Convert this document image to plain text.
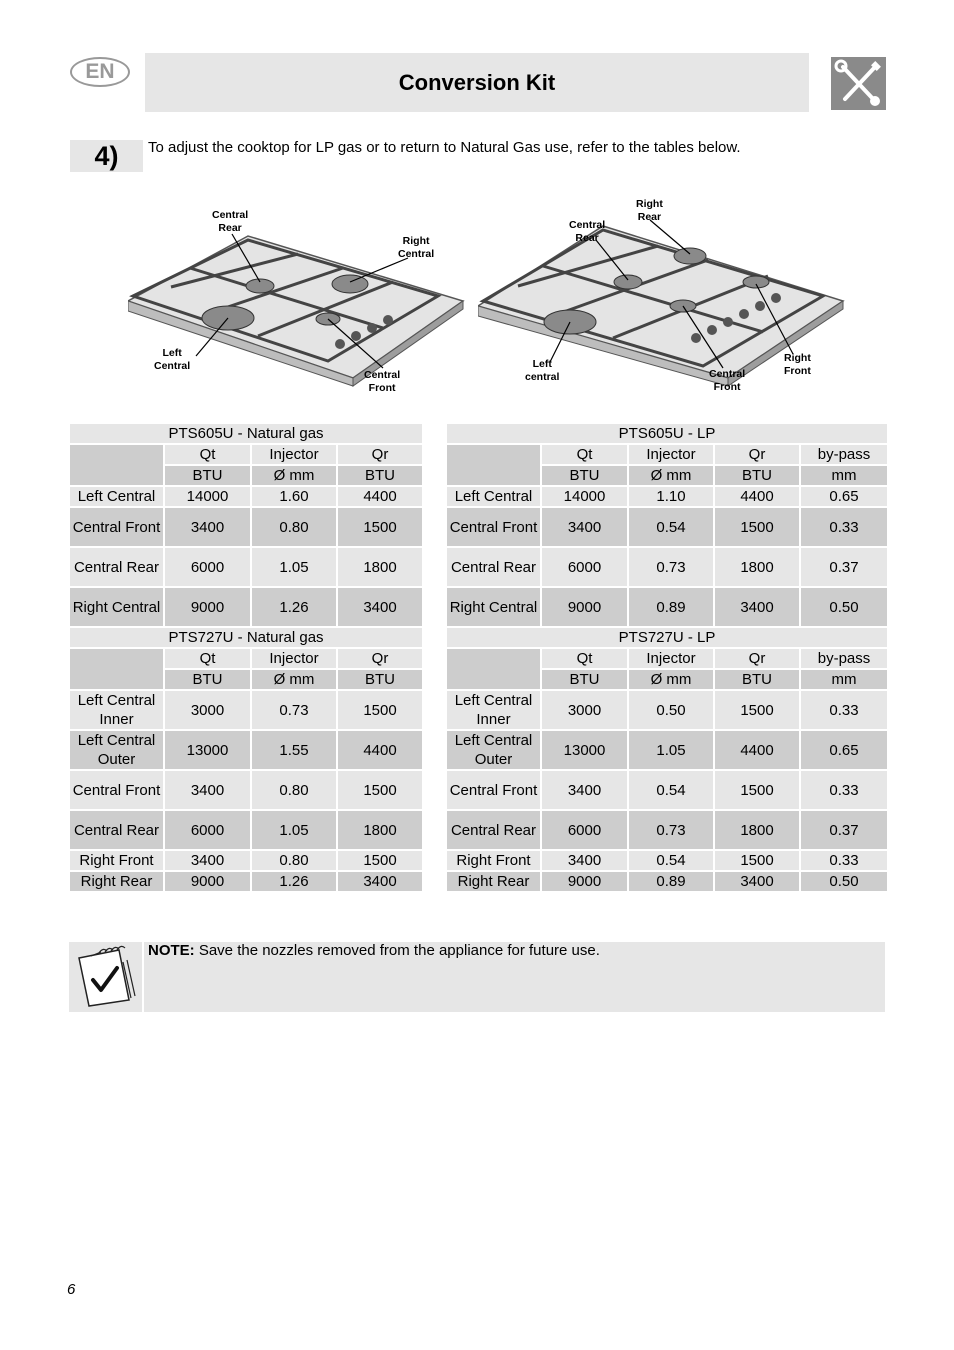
EN	Conversion Kit
4)	To adjust the cooktop for LP gas or to return to Natural Gas use, refer to the tables below.
Central
Rear
Right
Central
Left
Central
Central
Front
Central
Rear
Right
Rear
Left
central	Central
Front
Right
Front
PTS605U - Natural gas			
	Qt	Injector	Qr
	BTU	Ø mm	BTU
Left Central	14000	1.60	4400
Central Front	3400	0.80	1500
Central Rear	6000	1.05	1800
Right Central	9000	1.26	3400
PTS727U - Natural gas			
	Qt	Injector	Qr
	BTU	Ø mm	BTU
Left Central Inner	3000	0.73	1500
Left Central Outer	13000	1.55	4400
Central Front	3400	0.80	1500
Central Rear	6000	1.05	1800
Right Front	3400	0.80	1500
Right Rear	9000	1.26	3400
PTS605U - LP				
	Qt	Injector	Qr	by-pass
	BTU	Ø mm	BTU	mm
Left Central	14000	1.10	4400	0.65
Central Front	3400	0.54	1500	0.33
Central Rear	6000	0.73	1800	0.37
Right Central	9000	0.89	3400	0.50
PTS727U - LP				
	Qt	Injector	Qr	by-pass
	BTU	Ø mm	BTU	mm
Left Central Inner	3000	0.50	1500	0.33
Left Central Outer	13000	1.05	4400	0.65
Central Front	3400	0.54	1500	0.33
Central Rear	6000	0.73	1800	0.37
Right Front	3400	0.54	1500	0.33
Right Rear	9000	0.89	3400	0.50
NOTE: Save the nozzles removed from the appliance for future use.
6
